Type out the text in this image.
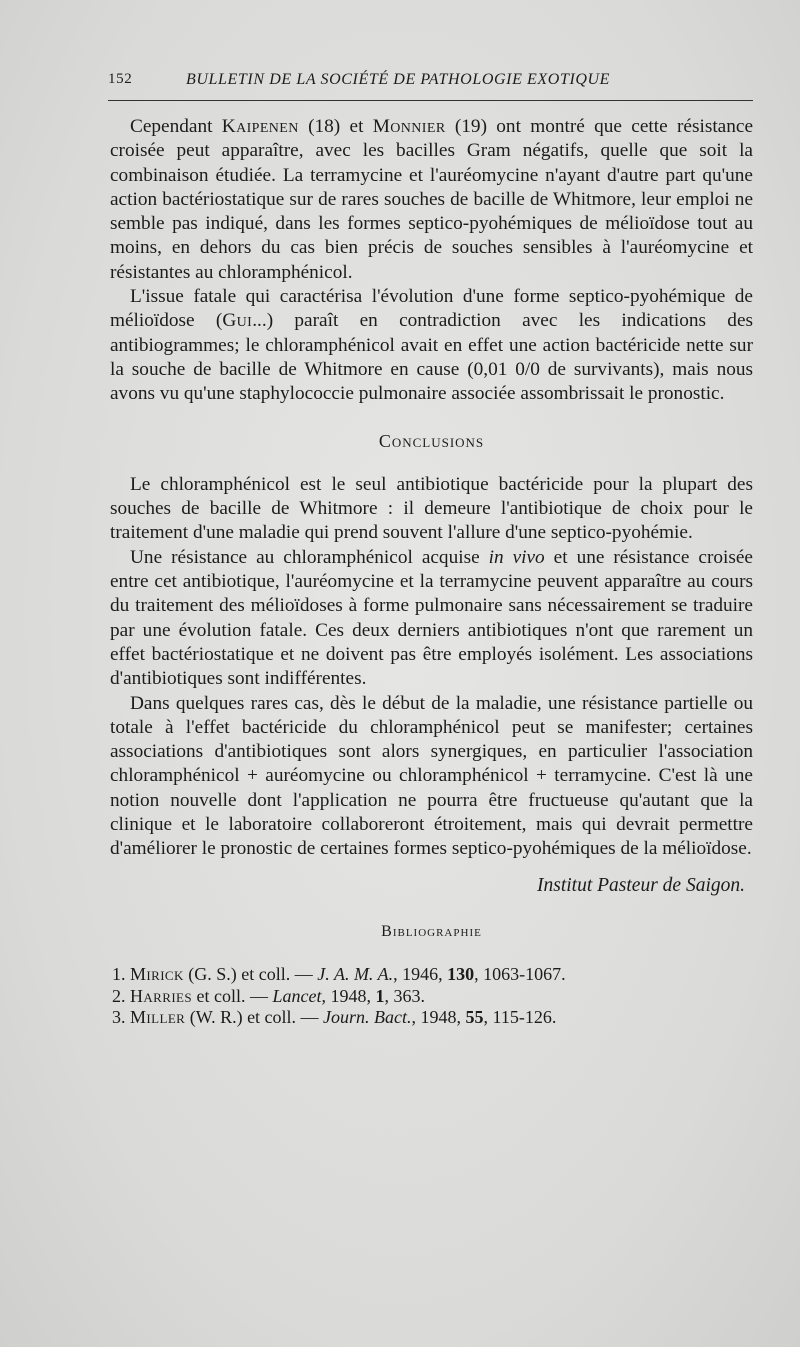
152	BULLETIN DE LA SOCIÉTÉ DE PATHOLOGIE EXOTIQUE

Cependant Kaipenen (18) et Monnier (19) ont montré que cette résistance croisée peut apparaître, avec les bacilles Gram négatifs, quelle que soit la combinaison étudiée. La terramycine et l'auréomycine n'ayant d'autre part qu'une action bactériostatique sur de rares souches de bacille de Whitmore, leur emploi ne semble pas indiqué, dans les formes septico-pyohémiques de mélioïdose tout au moins, en dehors du cas bien précis de souches sensibles à l'auréomycine et résistantes au chloramphénicol.

L'issue fatale qui caractérisa l'évolution d'une forme septico-pyohémique de mélioïdose (Gui...) paraît en contradiction avec les indications des antibiogrammes; le chloramphénicol avait en effet une action bactéricide nette sur la souche de bacille de Whitmore en cause (0,01 0/0 de survivants), mais nous avons vu qu'une staphylococcie pulmonaire associée assombrissait le pronostic.

Conclusions

Le chloramphénicol est le seul antibiotique bactéricide pour la plupart des souches de bacille de Whitmore : il demeure l'antibiotique de choix pour le traitement d'une maladie qui prend souvent l'allure d'une septico-pyohémie.

Une résistance au chloramphénicol acquise in vivo et une résistance croisée entre cet antibiotique, l'auréomycine et la terramycine peuvent apparaître au cours du traitement des mélioïdoses à forme pulmonaire sans nécessairement se traduire par une évolution fatale. Ces deux derniers antibiotiques n'ont que rarement un effet bactériostatique et ne doivent pas être employés isolément. Les associations d'antibiotiques sont indifférentes.

Dans quelques rares cas, dès le début de la maladie, une résistance partielle ou totale à l'effet bactéricide du chloramphénicol peut se manifester; certaines associations d'antibiotiques sont alors synergiques, en particulier l'association chloramphénicol + auréomycine ou chloramphénicol + terramycine. C'est là une notion nouvelle dont l'application ne pourra être fructueuse qu'autant que la clinique et le laboratoire collaboreront étroitement, mais qui devrait permettre d'améliorer le pronostic de certaines formes septico-pyohémiques de la mélioïdose.

Institut Pasteur de Saigon.
Bibliographie
1. Mirick (G. S.) et coll. — J. A. M. A., 1946, 130, 1063-1067.
2. Harries et coll. — Lancet, 1948, 1, 363.
3. Miller (W. R.) et coll. — Journ. Bact., 1948, 55, 115-126.
